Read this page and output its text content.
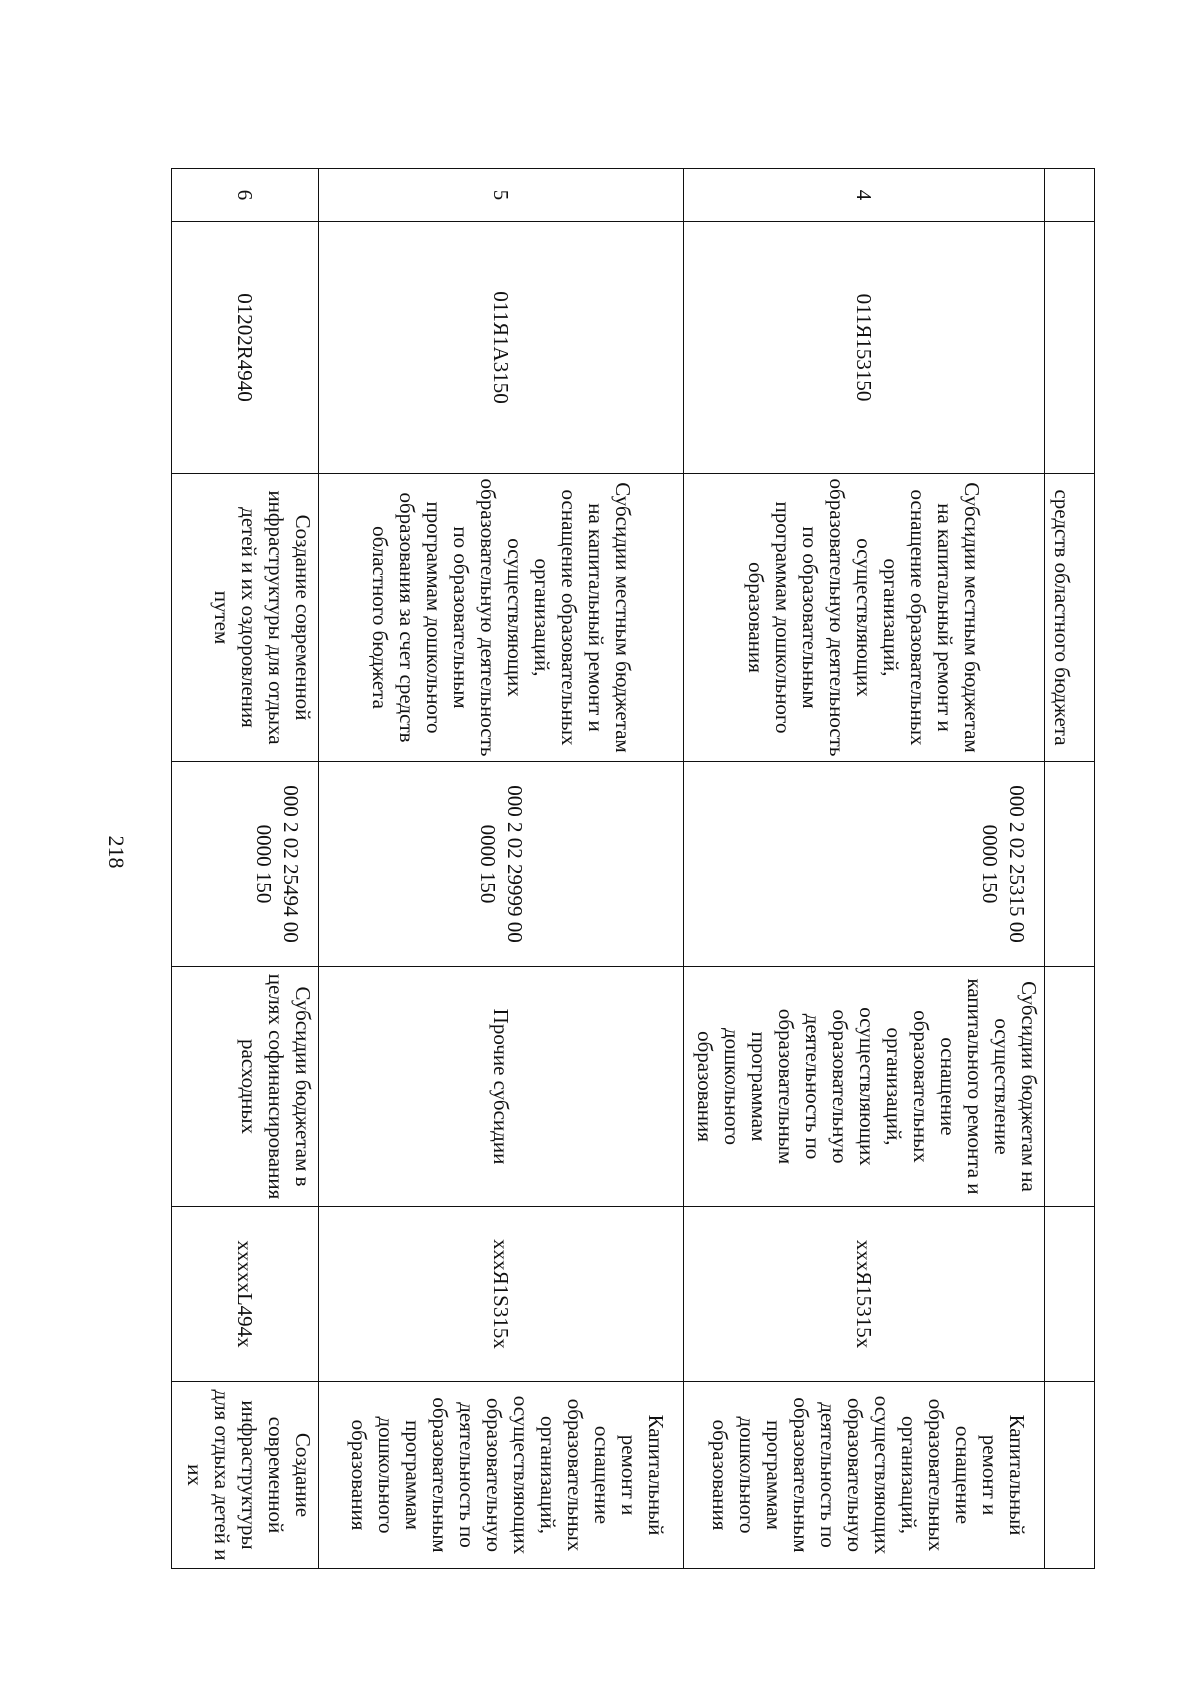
218
		средств областного бюджета				
4	011Я153150	Субсидии местным бюджетам на капитальный ремонт и оснащение образовательных организаций, осуществляющих образовательную деятельность по образовательным программам дошкольного образования	000 2 02 25315 00 0000 150	Субсидии бюджетам на осуществление капитального ремонта и оснащение образовательных организаций, осуществляющих образовательную деятельность по образовательным программам дошкольного образования	xxxЯ15315x	Капитальный ремонт и оснащение образовательных организаций, осуществляющих образовательную деятельность по образовательным программам дошкольного образования
5	011Я1А3150	Субсидии местным бюджетам на капитальный ремонт и оснащение образовательных организаций, осуществляющих образовательную деятельность по образовательным программам дошкольного образования за счет средств областного бюджета	000 2 02 29999 00 0000 150	Прочие субсидии	xxxЯ1S315x	Капитальный ремонт и оснащение образовательных организаций, осуществляющих образовательную деятельность по образовательным программам дошкольного образования
6	01202R4940	Создание современной инфраструктуры для отдыха детей и их оздоровления путем	000 2 02 25494 00 0000 150	Субсидии бюджетам в целях софинансирования расходных	xxxxxL494x	Создание современной инфраструктуры для отдыха детей и их
